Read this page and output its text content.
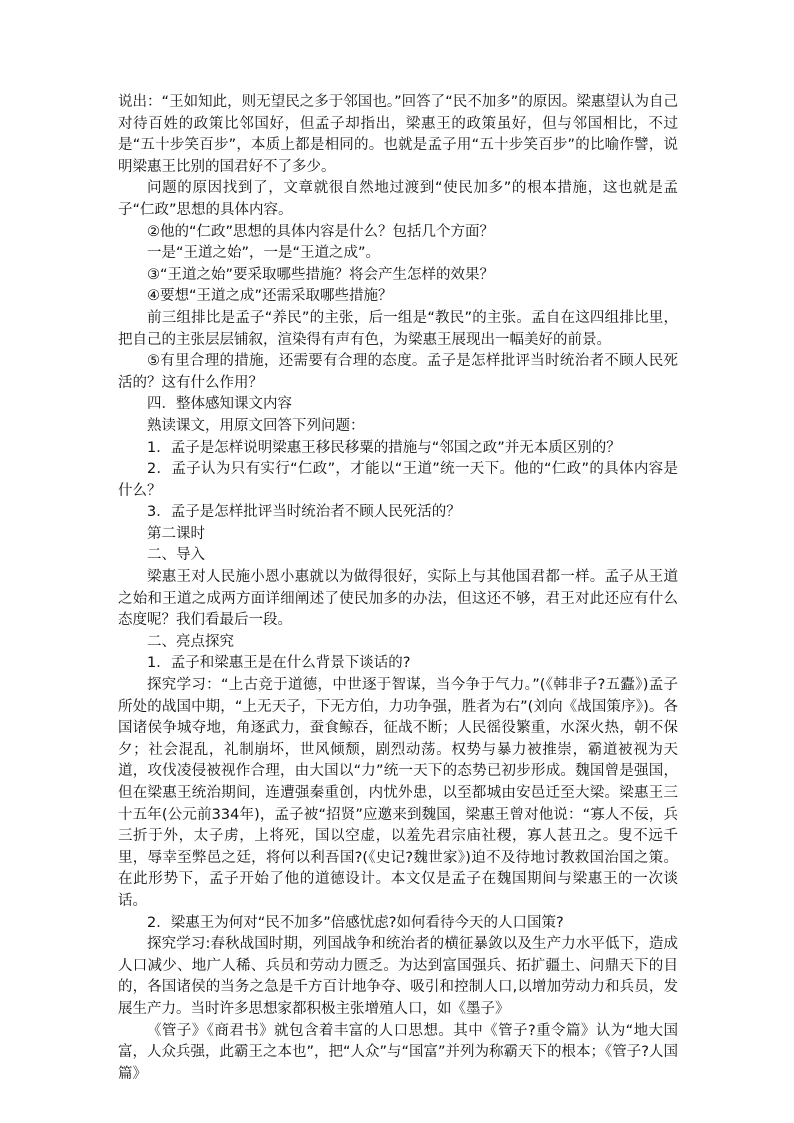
说出：“王如知此，则无望民之多于邻国也。”回答了“民不加多”的原因。梁惠望认为自己对待百姓的政策比邻国好，但孟子却指出，梁惠王的政策虽好，但与邻国相比，不过是“五十步笑百步”，本质上都是相同的。也就是孟子用“五十步笑百步”的比喻作譬，说明梁惠王比别的国君好不了多少。

问题的原因找到了，文章就很自然地过渡到“使民加多”的根本措施，这也就是孟子“仁政”思想的具体内容。

②他的“仁政”思想的具体内容是什么？包括几个方面？

一是“王道之始”，一是“王道之成”。

③“王道之始”要采取哪些措施？将会产生怎样的效果？

④要想“王道之成”还需采取哪些措施？

前三组排比是孟子“养民”的主张，后一组是“教民”的主张。孟自在这四组排比里，把自己的主张层层铺叙，渲染得有声有色，为梁惠王展现出一幅美好的前景。

⑤有里合理的措施，还需要有合理的态度。孟子是怎样批评当时统治者不顾人民死活的？这有什么作用？

四．整体感知课文内容

熟读课文，用原文回答下列问题：

1．孟子是怎样说明梁惠王移民移粟的措施与“邻国之政”并无本质区别的？

2．孟子认为只有实行“仁政”，才能以“王道”统一天下。他的“仁政”的具体内容是什么？

3．孟子是怎样批评当时统治者不顾人民死活的？

第二课时

二、导入

梁惠王对人民施小恩小惠就以为做得很好，实际上与其他国君都一样。孟子从王道之始和王道之成两方面详细阐述了使民加多的办法，但这还不够，君王对此还应有什么态度呢？我们看最后一段。

二、亮点探究

1．孟子和梁惠王是在什么背景下谈话的?

探究学习：“上古竞于道德，中世逐于智谋，当今争于气力。”(《韩非子?五蠹》)孟子所处的战国中期，“上无天子，下无方伯，力功争强，胜者为右”(刘向《战国策序》)。各国诸侯争城夺地，角逐武力，蚕食鲸吞，征战不断；人民徭役繁重，水深火热，朝不保夕；社会混乱，礼制崩坏，世风倾颓，剧烈动荡。权势与暴力被推崇，霸道被视为天道，攻伐凌侵被视作合理，由大国以“力”统一天下的态势已初步形成。魏国曾是强国，但在梁惠王统治期间，连遭强秦重创，内忧外患，以至都城由安邑迁至大梁。梁惠王三十五年(公元前334年)，孟子被“招贤”应邀来到魏国，梁惠王曾对他说：“寡人不佞，兵三折于外，太子虏，上将死，国以空虚，以羞先君宗庙社稷，寡人甚丑之。叟不远千里，辱幸至弊邑之廷，将何以利吾国?(《史记?魏世家》)迫不及待地讨教救国治国之策。在此形势下，孟子开始了他的道德设计。本文仅是孟子在魏国期间与梁惠王的一次谈话。

2．梁惠王为何对“民不加多”倍感忧虑?如何看待今天的人口国策?

探究学习:春秋战国时期，列国战争和统治者的横征暴敛以及生产力水平低下，造成人口减少、地广人稀、兵员和劳动力匮乏。为达到富国强兵、拓扩疆土、问鼎天下的目的，各国诸侯的当务之急是千方百计地争夺、吸引和控制人口,以增加劳动力和兵员，发展生产力。当时许多思想家都积极主张增殖人口，如《墨子》

《管子》《商君书》就包含着丰富的人口思想。其中《管子?重令篇》认为“地大国富，人众兵强，此霸王之本也”，把“人众”与“国富”并列为称霸天下的根本；《管子?人国篇》
